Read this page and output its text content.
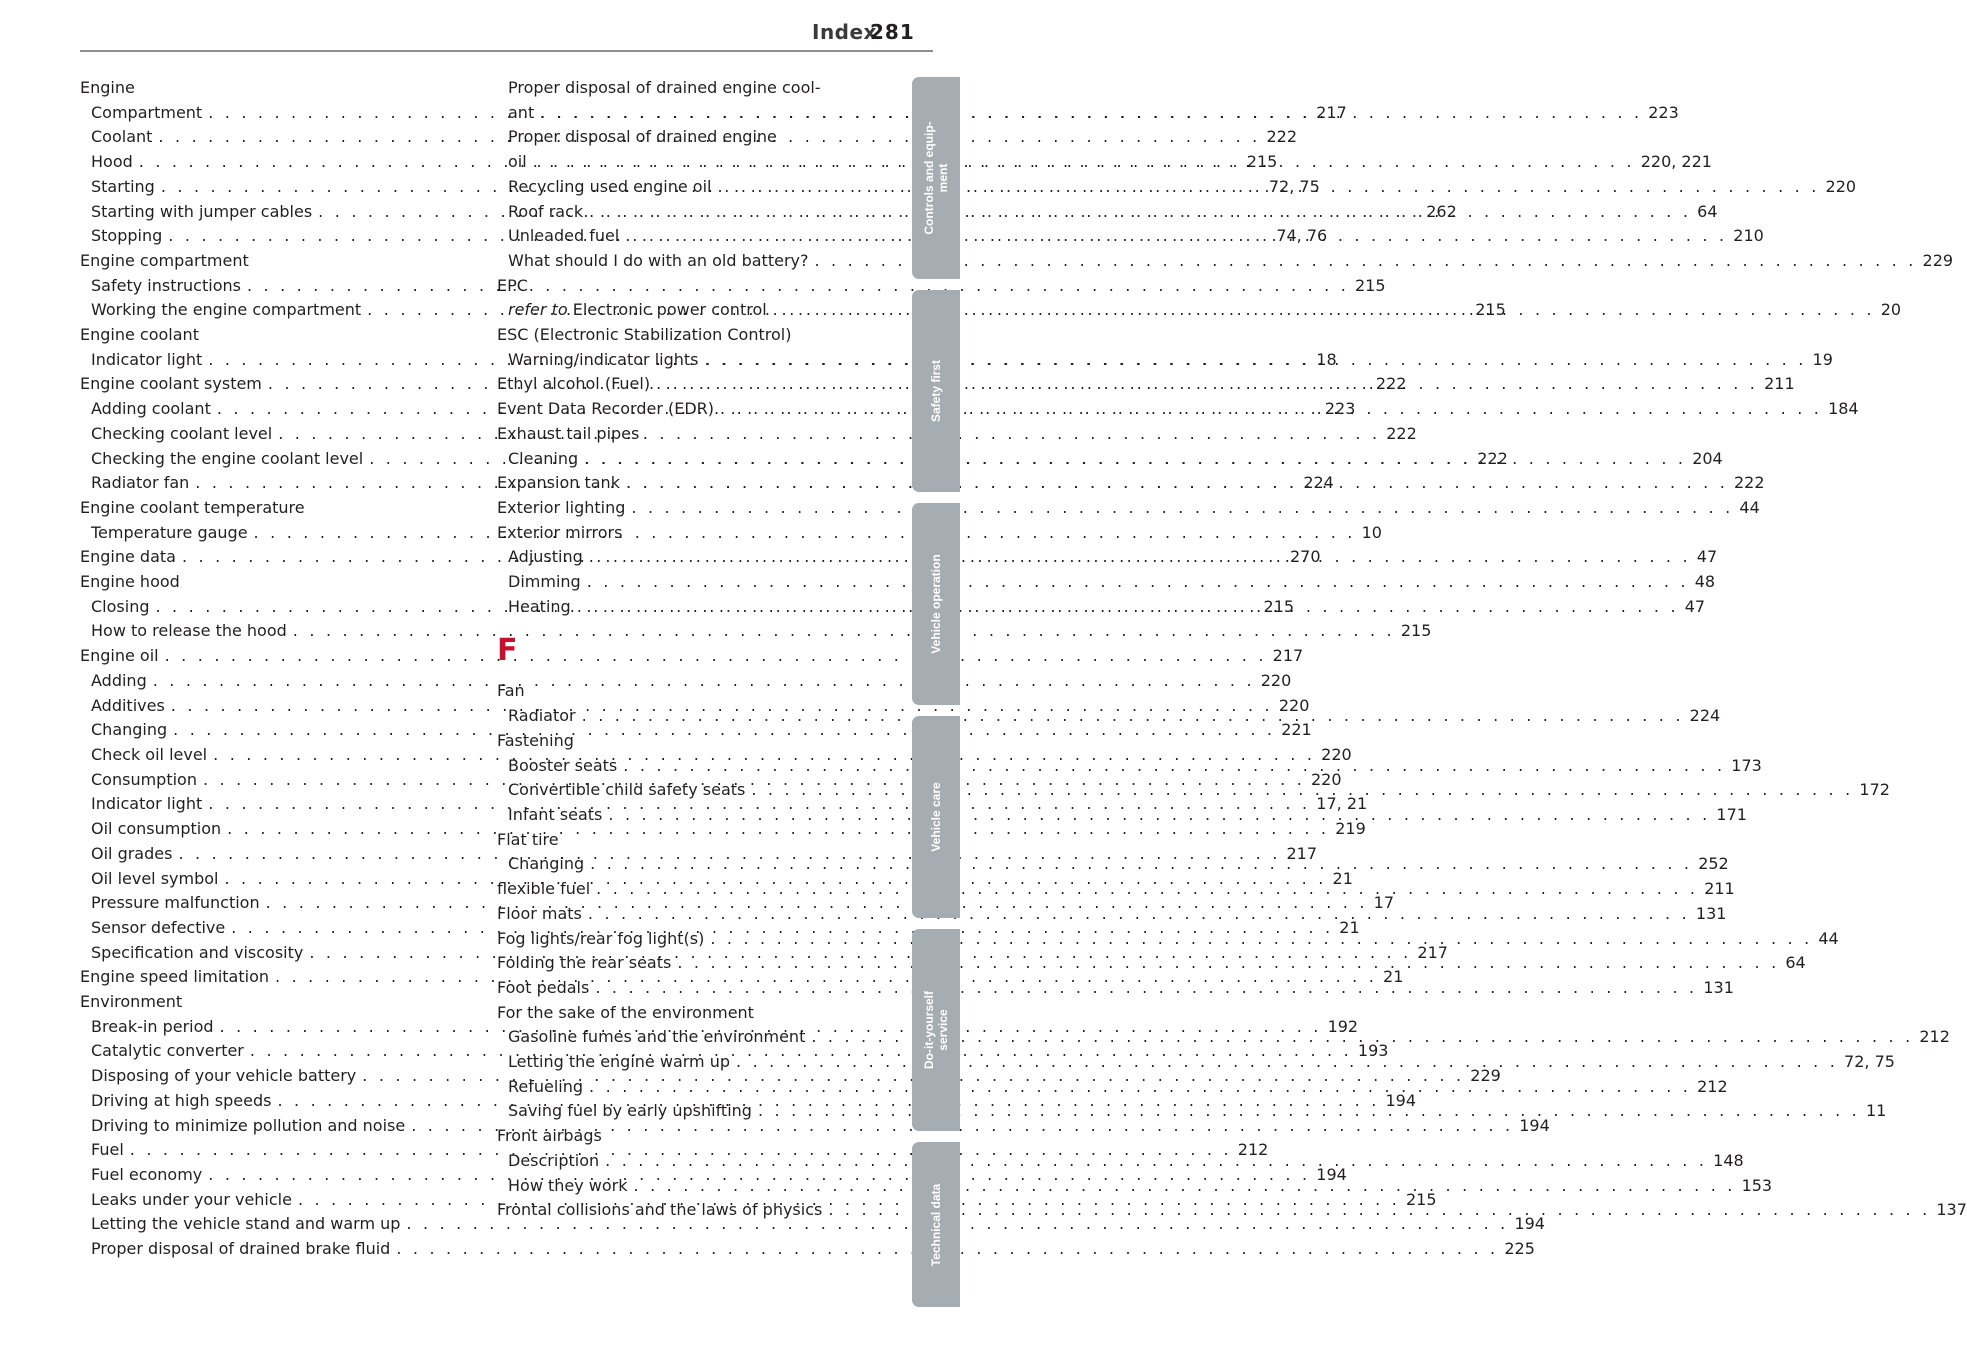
Index
281
Engine
Compartment . . .	217
Coolant . . .	222
Hood . . .	215
Starting . . .	72, 75
Starting with jumper cables . . .	262
Stopping . . .	74, 76
Engine compartment
Safety instructions . . .	215
Working the engine compartment . . .	215
Engine coolant
Indicator light . . .	18
Engine coolant system . . .	222
Adding coolant . . .	223
Checking coolant level . . .	222
Checking the engine coolant level . . .	222
Radiator fan . . .	224
Engine coolant temperature
Temperature gauge . . .	10
Engine data . . .	270
Engine hood
Closing . . .	215
How to release the hood . . .	215
Engine oil . . .	217
Adding . . .	220
Additives . . .	220
Changing . . .	221
Check oil level . . .	220
Consumption . . .	220
Indicator light . . .	17, 21
Oil consumption . . .	219
Oil grades . . .	217
Oil level symbol . . .	21
Pressure malfunction . . .	17
Sensor defective . . .	21
Specification and viscosity . . .	217
Engine speed limitation . . .	21
Environment
Break-in period . . .	192
Catalytic converter . . .	193
Disposing of your vehicle battery . . .	229
Driving at high speeds . . .	194
Driving to minimize pollution and noise . . .	194
Fuel . . .	212
Fuel economy . . .	194
Leaks under your vehicle . . .	215
Letting the vehicle stand and warm up . . .	194
Proper disposal of drained brake fluid . . .	225
Proper disposal of drained engine cool-
ant . . .	223
Proper disposal of drained engine
oil . . .	220, 221
Recycling used engine oil . . .	220
Roof rack . . .	64
Unleaded fuel . . .	210
What should I do with an old battery? . . .	229
EPC
refer to Electronic power control . . .	20
ESC (Electronic Stabilization Control)
Warning/indicator lights . . .	19
Ethyl alcohol (Fuel) . . .	211
Event Data Recorder (EDR) . . .	184
Exhaust tail pipes
Cleaning . . .	204
Expansion tank . . .	222
Exterior lighting . . .	44
Exterior mirrors
Adjusting . . .	47
Dimming . . .	48
Heating . . .	47
F
Fan
Radiator . . .	224
Fastening
Booster seats . . .	173
Convertible child safety seats . . .	172
Infant seats . . .	171
Flat tire
Changing . . .	252
flexible fuel . . .	211
Floor mats . . .	131
Fog lights/rear fog light(s) . . .	44
Folding the rear seats . . .	64
Foot pedals . . .	131
For the sake of the environment
Gasoline fumes and the environment . . .	212
Letting the engine warm up . . .	72, 75
Refueling . . .	212
Saving fuel by early upshifting . . .	11
Front airbags
Description . . .	148
How they work . . .	153
Frontal collisions and the laws of physics . . .	137
Controls and equip-
ment
Safety first
Vehicle operation
Vehicle care
Do-it-yourself
service
Technical data
